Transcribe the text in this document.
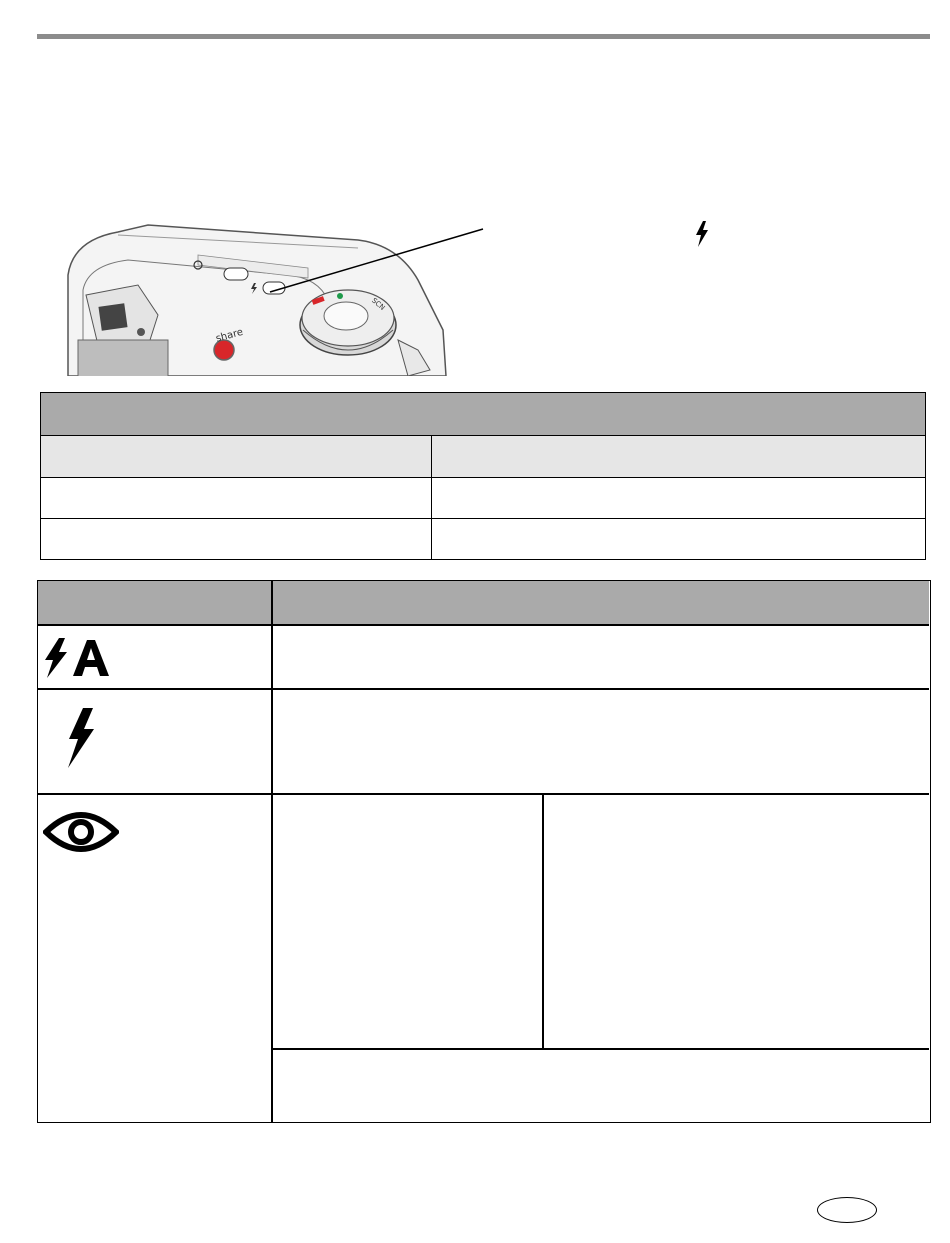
share
SCN
